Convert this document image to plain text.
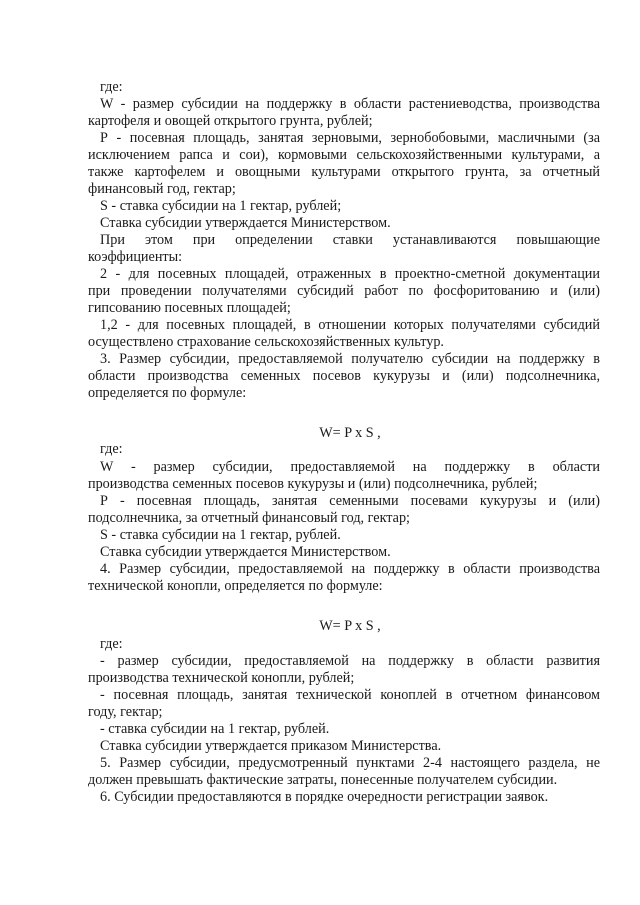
где:

W - размер субсидии на поддержку в области растениеводства, производства

картофеля и овощей открытого грунта, рублей;

Р - посевная площадь, занятая зерновыми, зернобобовыми, масличными (за

исключением рапса и сои), кормовыми сельскохозяйственными культурами, а

также картофелем и овощными культурами открытого грунта, за отчетный

финансовый год, гектар;

S - ставка субсидии на 1 гектар, рублей;

Ставка субсидии утверждается Министерством.

При этом при определении ставки устанавливаются повышающие

коэффициенты:

2 - для посевных площадей, отраженных в проектно-сметной документации

при проведении получателями субсидий работ по фосфоритованию и (или)

гипсованию посевных площадей;

1,2 - для посевных площадей, в отношении которых получателями субсидий

осуществлено страхование сельскохозяйственных культур.

3. Размер субсидии, предоставляемой получателю субсидии на поддержку в

области производства семенных посевов кукурузы и (или) подсолнечника,

определяется по формуле:

W= P x S ,

где:

W - размер субсидии, предоставляемой на поддержку в области

производства семенных посевов кукурузы и (или) подсолнечника, рублей;

Р - посевная площадь, занятая семенными посевами кукурузы и (или)

подсолнечника, за отчетный финансовый год, гектар;

S - ставка субсидии на 1 гектар, рублей.

Ставка субсидии утверждается Министерством.

4. Размер субсидии, предоставляемой на поддержку в области производства

технической конопли, определяется по формуле:

W= P x S ,

где:

- размер субсидии, предоставляемой на поддержку в области развития

производства технической конопли, рублей;

- посевная площадь, занятая технической коноплей в отчетном финансовом

году, гектар;

- ставка субсидии на 1 гектар, рублей.

Ставка субсидии утверждается приказом Министерства.

5. Размер субсидии, предусмотренный пунктами 2-4 настоящего раздела, не

должен превышать фактические затраты, понесенные получателем субсидии.

6. Субсидии предоставляются в порядке очередности регистрации заявок.
